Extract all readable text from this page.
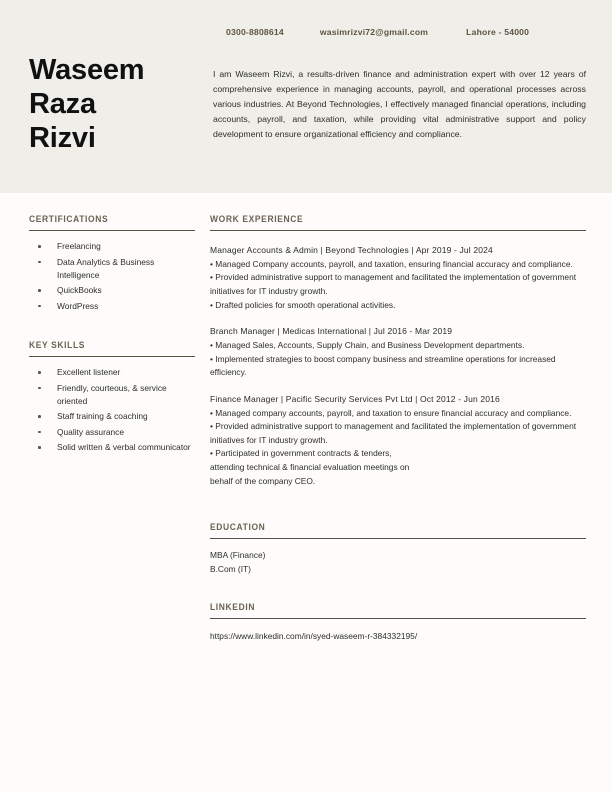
0300-8808614	wasimrizvi72@gmail.com	Lahore - 54000
Waseem
Raza
Rizvi
I am Waseem Rizvi, a results-driven finance and administration expert with over 12 years of comprehensive experience in managing accounts, payroll, and operational processes across various industries. At Beyond Technologies, I effectively managed financial operations, including accounts, payroll, and taxation, while providing vital administrative support and policy development to ensure organizational efficiency and compliance.
CERTIFICATIONS
Freelancing
Data Analytics & Business Intelligence
QuickBooks
WordPress
KEY SKILLS
Excellent listener
Friendly, courteous, & service oriented
Staff training & coaching
Quality assurance
Solid written & verbal communicator
WORK EXPERIENCE
Manager Accounts & Admin | Beyond Technologies | Apr 2019 - Jul 2024
• Managed Company accounts, payroll, and taxation, ensuring financial accuracy and compliance.
• Provided administrative support to management and facilitated the implementation of government initiatives for IT industry growth.
• Drafted policies for smooth operational activities.
Branch Manager | Medicas International | Jul 2016 - Mar 2019
• Managed Sales, Accounts, Supply Chain, and Business Development departments.
• Implemented strategies to boost company business and streamline operations for increased efficiency.
Finance Manager | Pacific Security Services Pvt Ltd | Oct 2012 - Jun 2016
• Managed company accounts, payroll, and taxation to ensure financial accuracy and compliance.
• Provided administrative support to management and facilitated the implementation of government initiatives for IT industry growth.
• Participated in government contracts & tenders,
attending technical & financial evaluation meetings on
behalf of the company CEO.
EDUCATION
MBA (Finance)
B.Com (IT)
LINKEDIN
https://www.linkedin.com/in/syed-waseem-r-384332195/
